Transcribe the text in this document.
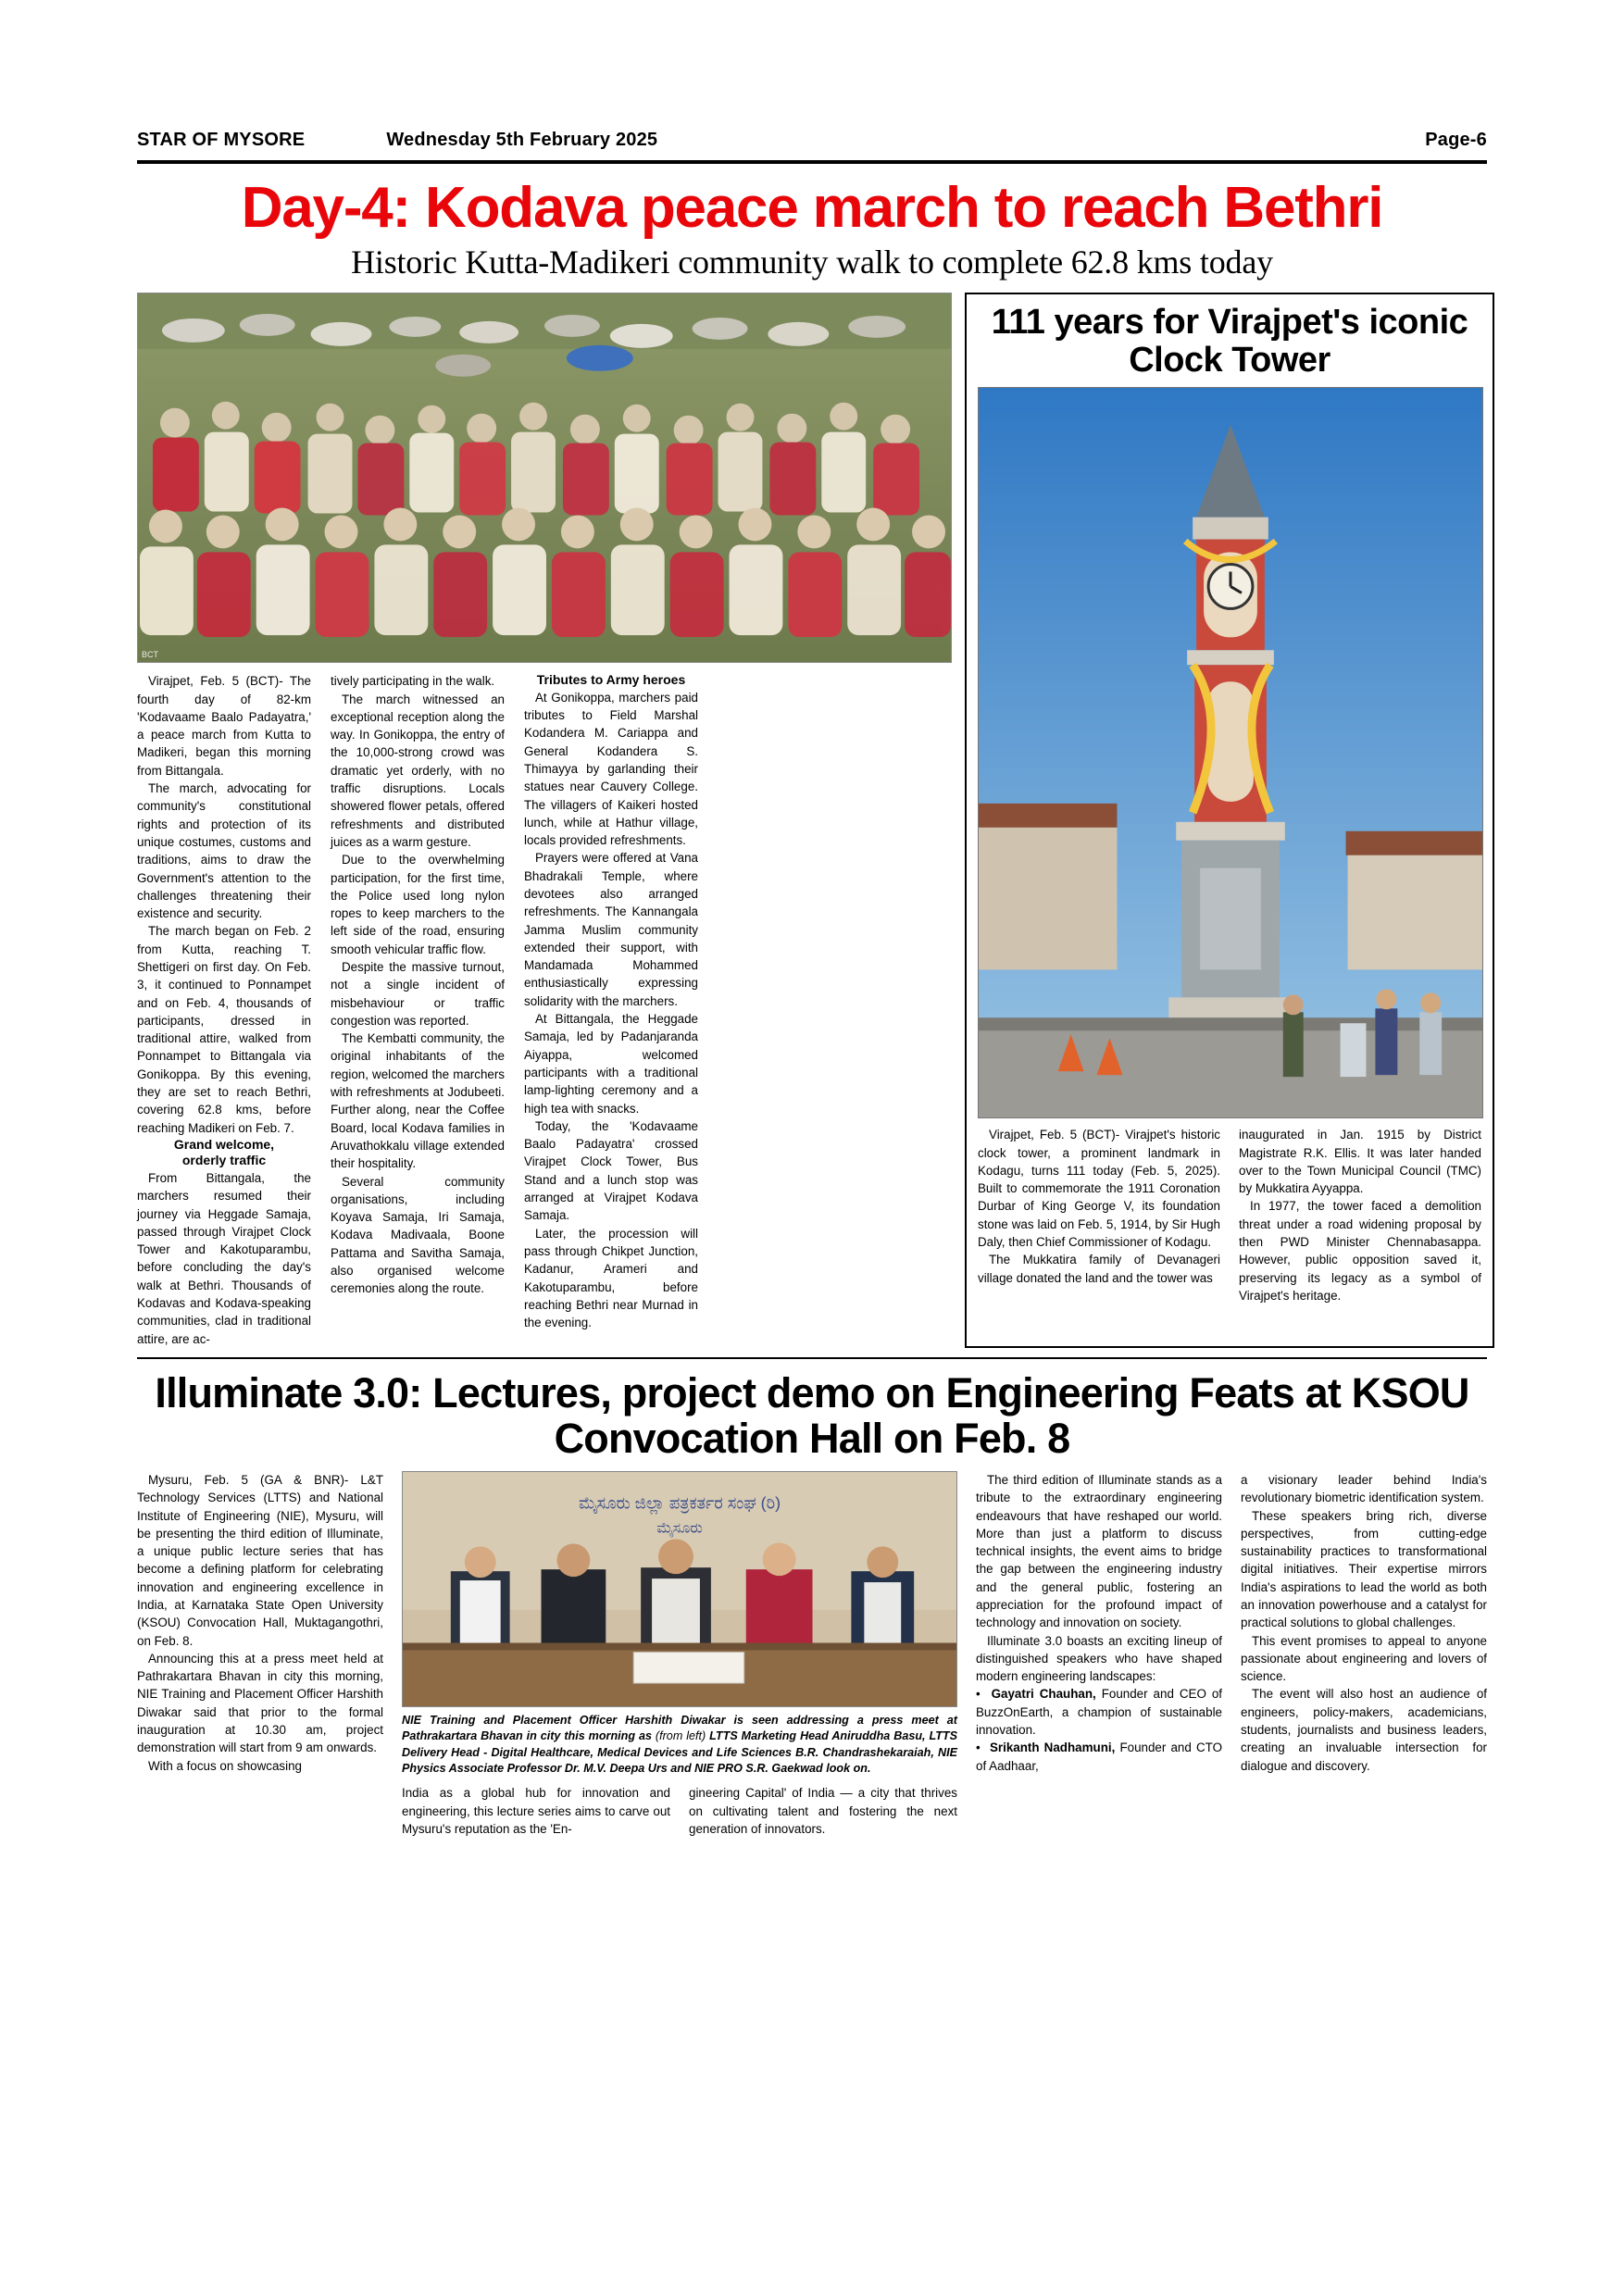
STAR OF MYSORE	Wednesday 5th February 2025	Page-6
Day-4: Kodava peace march to reach Bethri
Historic Kutta-Madikeri community walk to complete 62.8 kms today
BCT

Virajpet, Feb. 5 (BCT)- The fourth day of 82-km 'Kodavaame Baalo Padayatra,' a peace march from Kutta to Madikeri, began this morning from Bittangala.

The march, advocating for community's constitutional rights and protection of its unique costumes, customs and traditions, aims to draw the Government's attention to the challenges threatening their existence and security.

The march began on Feb. 2 from Kutta, reaching T. Shettigeri on first day. On Feb. 3, it continued to Ponnampet and on Feb. 4, thousands of participants, dressed in traditional attire, walked from Ponnampet to Bittangala via Gonikoppa. By this evening, they are set to reach Bethri, covering 62.8 kms, before reaching Madikeri on Feb. 7.

Grand welcome,
orderly traffic

From Bittangala, the marchers resumed their journey via Heggade Samaja, passed through Virajpet Clock Tower and Kakotuparambu, before concluding the day's walk at Bethri. Thousands of Kodavas and Kodava-speaking communities, clad in traditional attire, are ac-

tively participating in the walk.

The march witnessed an exceptional reception along the way. In Gonikoppa, the entry of the 10,000-strong crowd was dramatic yet orderly, with no traffic disruptions. Locals showered flower petals, offered refreshments and distributed juices as a warm gesture.

Due to the overwhelming participation, for the first time, the Police used long nylon ropes to keep marchers to the left side of the road, ensuring smooth vehicular traffic flow.

Despite the massive turnout, not a single incident of misbehaviour or traffic congestion was reported.

The Kembatti community, the original inhabitants of the region, welcomed the marchers with refreshments at Jodubeeti. Further along, near the Coffee Board, local Kodava families in Aruvathokkalu village extended their hospitality.

Several community organisations, including Koyava Samaja, Iri Samaja, Kodava Madivaala, Boone Pattama and Savitha Samaja, also organised welcome ceremonies along the route.

Tributes to Army heroes

At Gonikoppa, marchers paid tributes to Field Marshal Kodandera M. Cariappa and General Kodandera S. Thimayya by garlanding their statues near Cauvery College. The villagers of Kaikeri hosted lunch, while at Hathur village, locals provided refreshments.

Prayers were offered at Vana Bhadrakali Temple, where devotees also arranged refreshments. The Kannangala Jamma Muslim community extended their support, with Mandamada Mohammed enthusiastically expressing solidarity with the marchers.

At Bittangala, the Heggade Samaja, led by Padanjaranda Aiyappa, welcomed participants with a traditional lamp-lighting ceremony and a high tea with snacks.

Today, the 'Kodavaame Baalo Padayatra' crossed Virajpet Clock Tower, Bus Stand and a lunch stop was arranged at Virajpet Kodava Samaja.

Later, the procession will pass through Chikpet Junction, Kadanur, Arameri and Kakotuparambu, before reaching Bethri near Murnad in the evening.

111 years for Virajpet's iconic Clock Tower

Virajpet, Feb. 5 (BCT)- Virajpet's historic clock tower, a prominent landmark in Kodagu, turns 111 today (Feb. 5, 2025). Built to commemorate the 1911 Coronation Durbar of King George V, its foundation stone was laid on Feb. 5, 1914, by Sir Hugh Daly, then Chief Commissioner of Kodagu.

The Mukkatira family of Devanageri village donated the land and the tower was

inaugurated in Jan. 1915 by District Magistrate R.K. Ellis. It was later handed over to the Town Municipal Council (TMC) by Mukkatira Ayyappa.

In 1977, the tower faced a demolition threat under a road widening proposal by then PWD Minister Chennabasappa. However, public opposition saved it, preserving its legacy as a symbol of Virajpet's heritage.

Illuminate 3.0: Lectures, project demo on Engineering Feats at KSOU Convocation Hall on Feb. 8

Mysuru, Feb. 5 (GA & BNR)- L&T Technology Services (LTTS) and National Institute of Engineering (NIE), Mysuru, will be presenting the third edition of Illuminate, a unique public lecture series that has become a defining platform for celebrating innovation and engineering excellence in India, at Karnataka State Open University (KSOU) Convocation Hall, Muktagangothri, on Feb. 8.

Announcing this at a press meet held at Pathrakartara Bhavan in city this morning, NIE Training and Placement Officer Harshith Diwakar said that prior to the formal inauguration at 10.30 am, project demonstration will start from 9 am onwards.

With a focus on showcasing

ಮೈಸೂರು ಜಿಲ್ಲಾ ಪತ್ರಕರ್ತರ ಸಂಘ (ರಿ)
ಮೈಸೂರು
NIE Training and Placement Officer Harshith Diwakar is seen addressing a press meet at Pathrakartara Bhavan in city this morning as (from left) LTTS Marketing Head Aniruddha Basu, LTTS Delivery Head - Digital Healthcare, Medical Devices and Life Sciences B.R. Chandrashekaraiah, NIE Physics Associate Professor Dr. M.V. Deepa Urs and NIE PRO S.R. Gaekwad look on.

India as a global hub for innovation and engineering, this lecture series aims to carve out Mysuru's reputation as the 'En-

gineering Capital' of India — a city that thrives on cultivating talent and fostering the next generation of innovators.

The third edition of Illuminate stands as a tribute to the extraordinary engineering endeavours that have reshaped our world. More than just a platform to discuss technical insights, the event aims to bridge the gap between the engineering industry and the general public, fostering an appreciation for the profound impact of technology and innovation on society.

Illuminate 3.0 boasts an exciting lineup of distinguished speakers who have shaped modern engineering landscapes:

•  Gayatri Chauhan, Founder and CEO of BuzzOnEarth, a champion of sustainable innovation.

•  Srikanth Nadhamuni, Founder and CTO of Aadhaar,

a visionary leader behind India's revolutionary biometric identification system.

These speakers bring rich, diverse perspectives, from cutting-edge sustainability practices to transformational digital initiatives. Their expertise mirrors India's aspirations to lead the world as both an innovation powerhouse and a catalyst for practical solutions to global challenges.

This event promises to appeal to anyone passionate about engineering and lovers of science.

The event will also host an audience of engineers, policy-makers, academicians, students, journalists and business leaders, creating an invaluable intersection for dialogue and discovery.
